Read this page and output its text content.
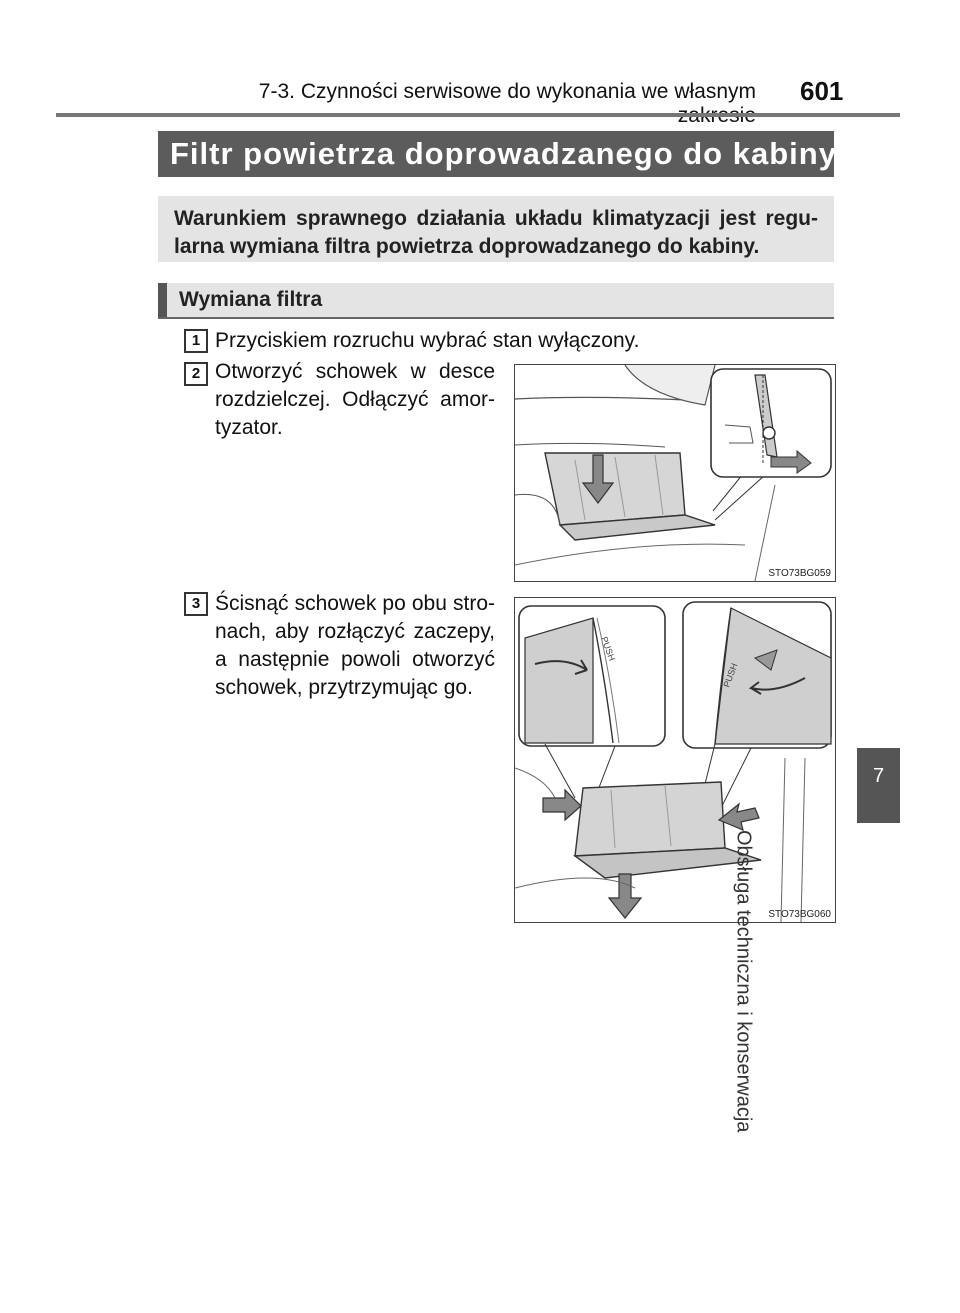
7-3. Czynności serwisowe do wykonania we własnym 601
Filtr powietrza doprowadzanego do kabiny
Warunkiem sprawnego działania układu klimatyzacji jest regu-larna wymiana filtra powietrza doprowadzanego do kabiny.
Wymiana filtra
1 Przyciskiem rozruchu wybrać stan wyłączony.
2 Otworzyć schowek w desce rozdzielczej. Odłączyć amor-tyzator.
STO73BG059
3 Ścisnąć schowek po obu stro-nach, aby rozłączyć zaczepy, a następnie powoli otworzyć schowek, przytrzymując go.
PUSH
PUSH
STO73BG060
7
Obsługa techniczna i konserwacja
